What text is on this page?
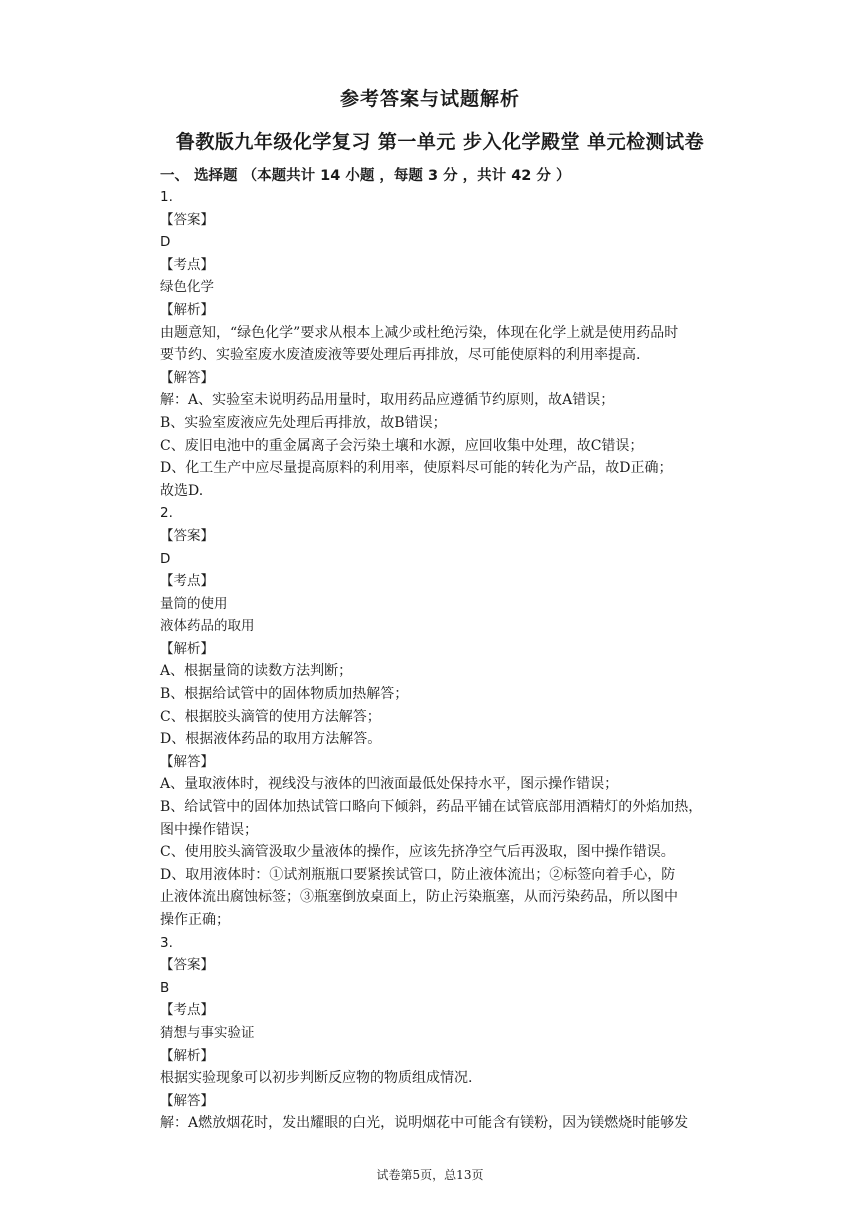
参考答案与试题解析
鲁教版九年级化学复习 第一单元 步入化学殿堂 单元检测试卷
一、 选择题 （本题共计 14 小题 ，每题 3 分 ，共计 42 分 ）
1.
【答案】
D
【考点】
绿色化学
【解析】
由题意知，“绿色化学”要求从根本上减少或杜绝污染，体现在化学上就是使用药品时
要节约、实验室废水废渣废液等要处理后再排放，尽可能使原料的利用率提高.
【解答】
解：A、实验室未说明药品用量时，取用药品应遵循节约原则，故A错误；
B、实验室废液应先处理后再排放，故B错误；
C、废旧电池中的重金属离子会污染土壤和水源，应回收集中处理，故C错误；
D、化工生产中应尽量提高原料的利用率，使原料尽可能的转化为产品，故D正确；
故选D.
2.
【答案】
D
【考点】
量筒的使用
液体药品的取用
【解析】
A、根据量筒的读数方法判断；
B、根据给试管中的固体物质加热解答；
C、根据胶头滴管的使用方法解答；
D、根据液体药品的取用方法解答。
【解答】
A、量取液体时，视线没与液体的凹液面最低处保持水平，图示操作错误；
B、给试管中的固体加热试管口略向下倾斜，药品平铺在试管底部用酒精灯的外焰加热，
图中操作错误；
C、使用胶头滴管汲取少量液体的操作，应该先挤净空气后再汲取，图中操作错误。
D、取用液体时：①试剂瓶瓶口要紧挨试管口，防止液体流出；②标签向着手心，防
止液体流出腐蚀标签；③瓶塞倒放桌面上，防止污染瓶塞，从而污染药品，所以图中
操作正确；
3.
【答案】
B
【考点】
猜想与事实验证
【解析】
根据实验现象可以初步判断反应物的物质组成情况.
【解答】
解：A燃放烟花时，发出耀眼的白光，说明烟花中可能含有镁粉，因为镁燃烧时能够发
试卷第5页，总13页
